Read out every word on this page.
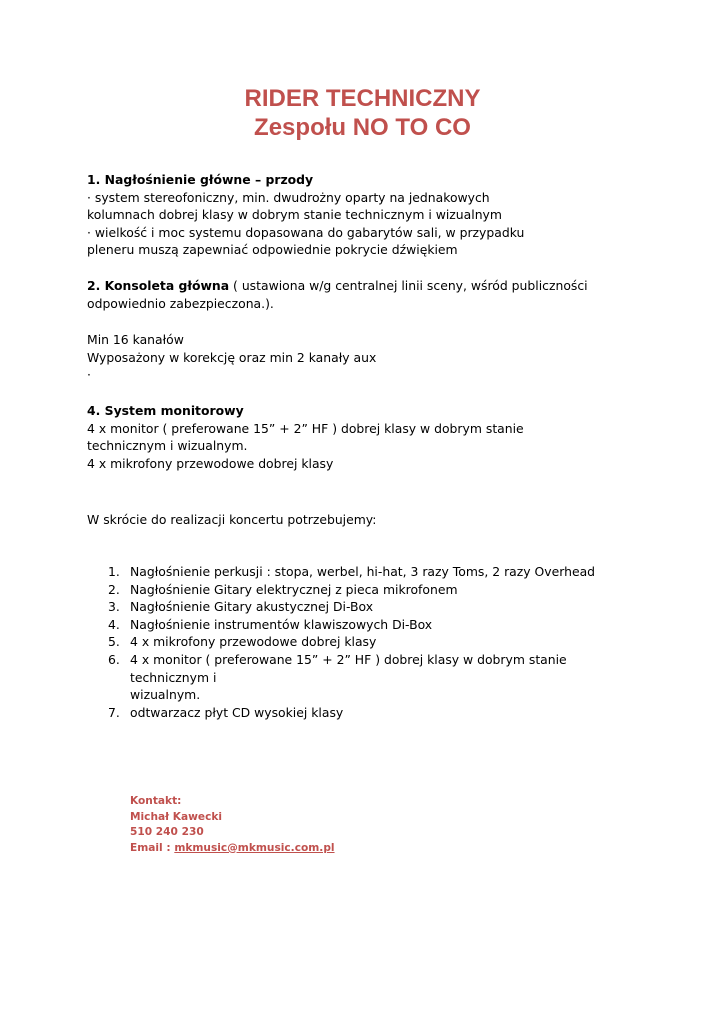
RIDER TECHNICZNY
Zespołu NO TO CO
1. Nagłośnienie główne – przody
· system stereofoniczny, min. dwudrożny oparty na jednakowych
kolumnach dobrej klasy w dobrym stanie technicznym i wizualnym
· wielkość i moc systemu dopasowana do gabarytów sali, w przypadku
pleneru muszą zapewniać odpowiednie pokrycie dźwiękiem
2. Konsoleta główna ( ustawiona w/g centralnej linii sceny, wśród publiczności
odpowiednio zabezpieczona.).
Min 16 kanałów
Wyposażony w korekcję oraz min 2 kanały aux
·
4. System monitorowy
4 x monitor ( preferowane 15” + 2” HF ) dobrej klasy w dobrym stanie
technicznym i wizualnym.
4 x mikrofony przewodowe dobrej klasy
W skrócie do realizacji koncertu potrzebujemy:
1. Nagłośnienie perkusji : stopa, werbel, hi-hat, 3 razy Toms, 2 razy Overhead
2. Nagłośnienie Gitary elektrycznej z pieca mikrofonem
3. Nagłośnienie Gitary akustycznej Di-Box
4. Nagłośnienie instrumentów klawiszowych Di-Box
5. 4 x mikrofony przewodowe dobrej klasy
6. 4 x monitor ( preferowane 15” + 2” HF ) dobrej klasy w dobrym stanie technicznym i
wizualnym.
7. odtwarzacz płyt CD wysokiej klasy
Kontakt:
Michał Kawecki
510 240 230
Email : mkmusic@mkmusic.com.pl
